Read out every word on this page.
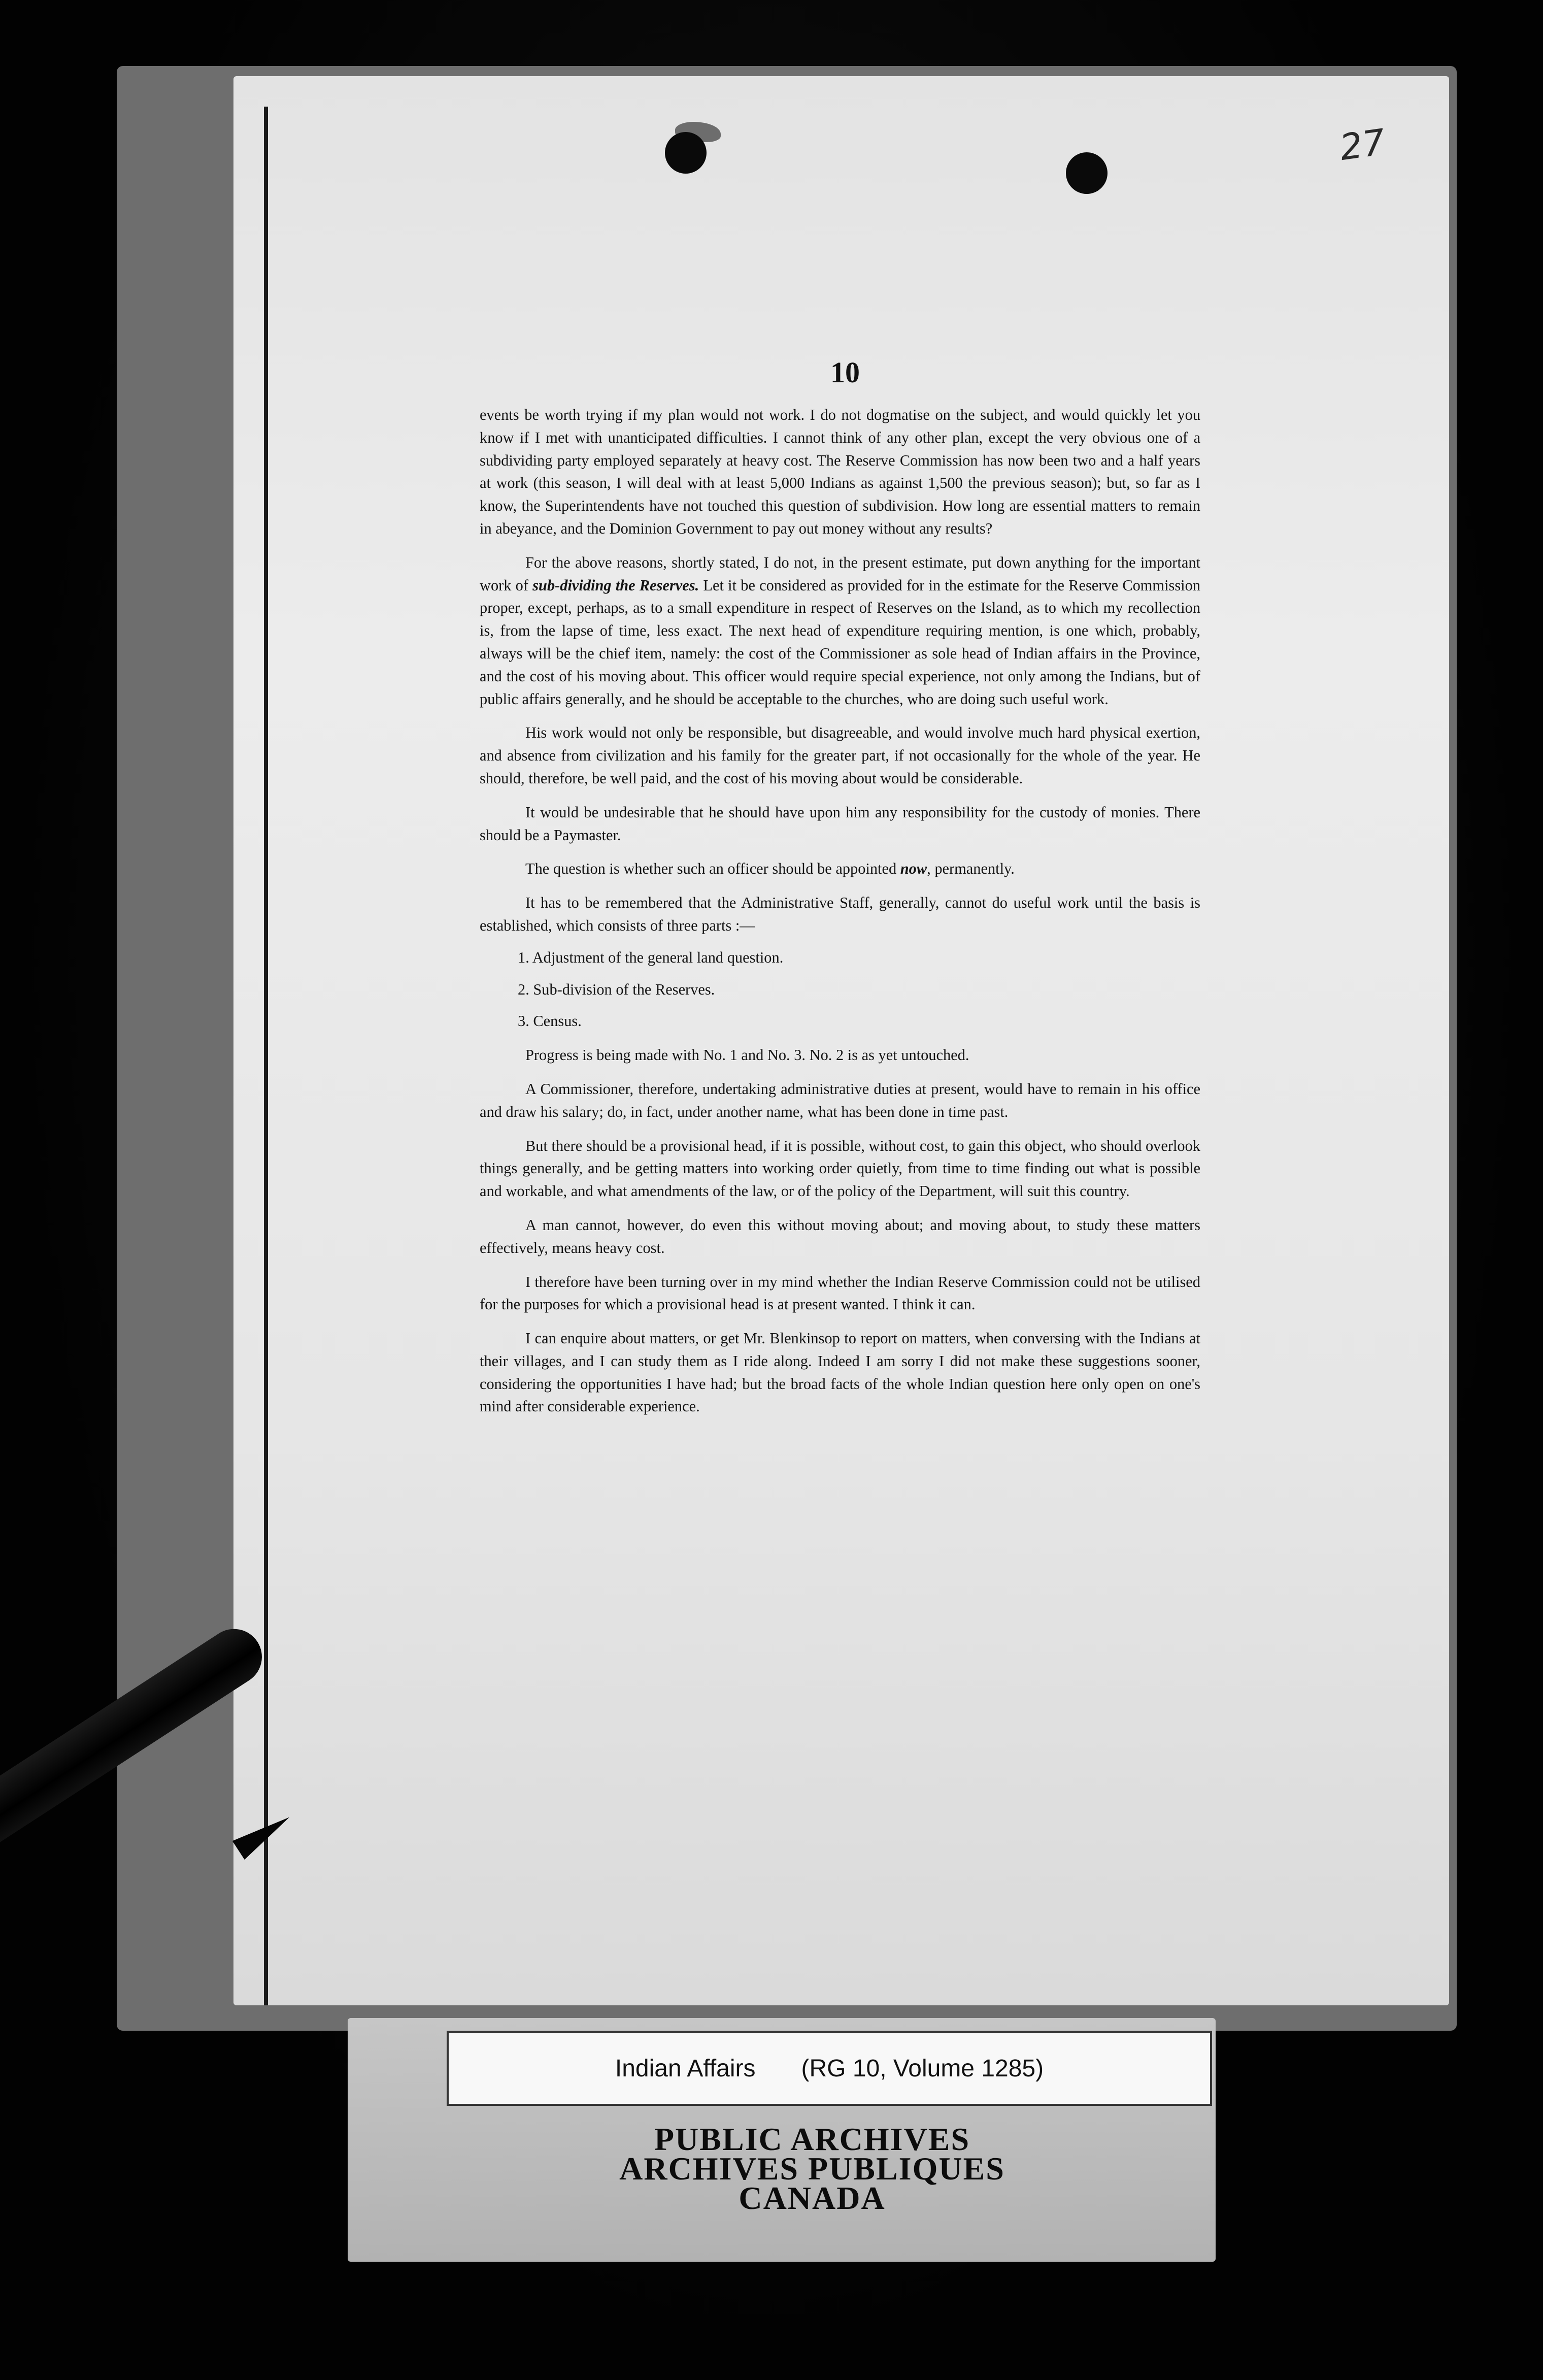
27
10

events be worth trying if my plan would not work. I do not dogmatise on the subject, and would quickly let you know if I met with unanticipated difficulties. I cannot think of any other plan, except the very obvious one of a subdividing party employed separately at heavy cost. The Reserve Commission has now been two and a half years at work (this season, I will deal with at least 5,000 Indians as against 1,500 the previous season); but, so far as I know, the Superintendents have not touched this question of subdivision. How long are essential matters to remain in abeyance, and the Dominion Government to pay out money without any results?

For the above reasons, shortly stated, I do not, in the present estimate, put down anything for the important work of sub-dividing the Reserves. Let it be considered as provided for in the estimate for the Reserve Commission proper, except, perhaps, as to a small expenditure in respect of Reserves on the Island, as to which my recollection is, from the lapse of time, less exact. The next head of expenditure requiring mention, is one which, probably, always will be the chief item, namely: the cost of the Commissioner as sole head of Indian affairs in the Province, and the cost of his moving about. This officer would require special experience, not only among the Indians, but of public affairs generally, and he should be acceptable to the churches, who are doing such useful work.

His work would not only be responsible, but disagreeable, and would involve much hard physical exertion, and absence from civilization and his family for the greater part, if not occasionally for the whole of the year. He should, therefore, be well paid, and the cost of his moving about would be considerable.

It would be undesirable that he should have upon him any responsibility for the custody of monies. There should be a Paymaster.

The question is whether such an officer should be appointed now, permanently.

It has to be remembered that the Administrative Staff, generally, cannot do useful work until the basis is established, which consists of three parts :—

1. Adjustment of the general land question.

2. Sub-division of the Reserves.

3. Census.

Progress is being made with No. 1 and No. 3. No. 2 is as yet untouched.

A Commissioner, therefore, undertaking administrative duties at present, would have to remain in his office and draw his salary; do, in fact, under another name, what has been done in time past.

But there should be a provisional head, if it is possible, without cost, to gain this object, who should overlook things generally, and be getting matters into working order quietly, from time to time finding out what is possible and workable, and what amendments of the law, or of the policy of the Department, will suit this country.

A man cannot, however, do even this without moving about; and moving about, to study these matters effectively, means heavy cost.

I therefore have been turning over in my mind whether the Indian Reserve Commission could not be utilised for the purposes for which a provisional head is at present wanted. I think it can.

I can enquire about matters, or get Mr. Blenkinsop to report on matters, when conversing with the Indians at their villages, and I can study them as I ride along. Indeed I am sorry I did not make these suggestions sooner, considering the opportunities I have had; but the broad facts of the whole Indian question here only open on one's mind after considerable experience.

Indian Affairs (RG 10, Volume 1285)
PUBLIC ARCHIVES
ARCHIVES PUBLIQUES
CANADA
